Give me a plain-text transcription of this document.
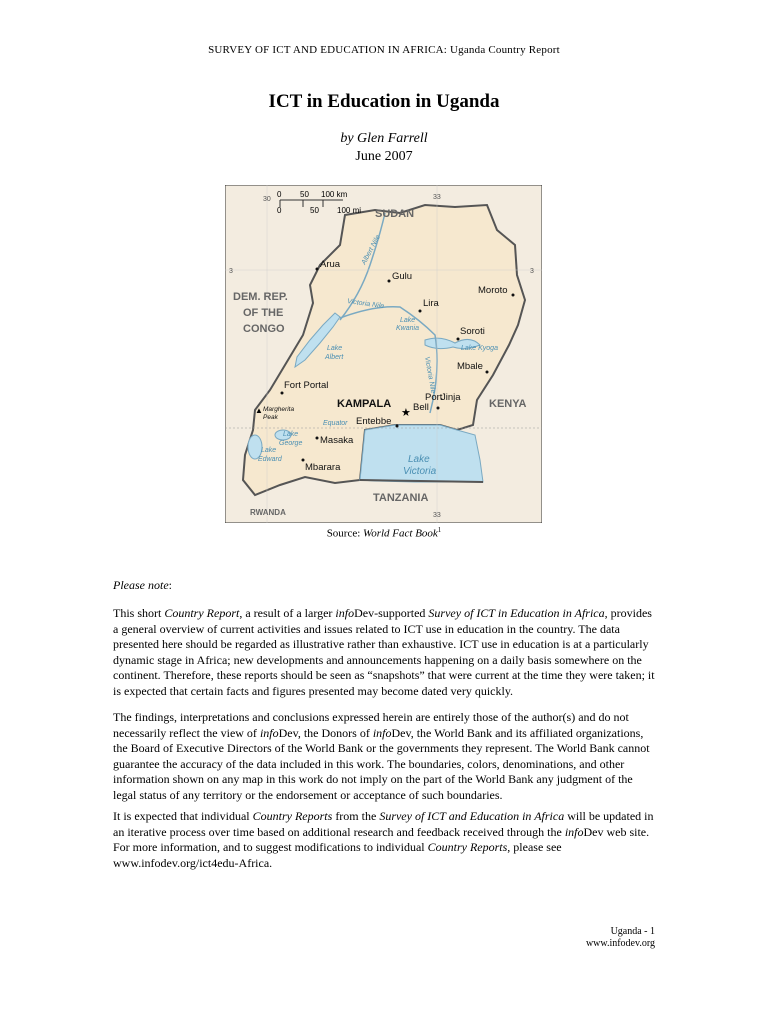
SURVEY OF ICT AND EDUCATION IN AFRICA: Uganda Country Report
ICT in Education in Uganda
by Glen Farrell
June 2007
0 50 100 km
0	50 100 mi
30	33
33
3	3
SUDAN
DEM. REP.
OF THE
CONGO
KENYA
TANZANIA
RWANDA
★
▲
Arua
Gulu
Lira
Moroto
Soroti
Mbale
Fort Portal
KAMPALA
Port
Bell
Jinja
Entebbe
Masaka
Mbarara
Margherita
Peak
Albert Nile
Victoria Nile
Lake
Kwania
Lake Kyoga
Lake
Albert
Equator
Lake
George
Lake
Edward
Victoria Nile
Lake
Victoria
Source: World Fact Book$^1$
Please note:
This short Country Report, a result of a larger infoDev-supported Survey of ICT in Education in Africa, provides a general overview of current activities and issues related to ICT use in education in the country. The data presented here should be regarded as illustrative rather than exhaustive. ICT use in education is at a particularly dynamic stage in Africa; new developments and announcements happening on a daily basis somewhere on the continent. Therefore, these reports should be seen as “snapshots” that were current at the time they were taken; it is expected that certain facts and figures presented may become dated very quickly.
The findings, interpretations and conclusions expressed herein are entirely those of the author(s) and do not necessarily reflect the view of infoDev, the Donors of infoDev, the World Bank and its affiliated organizations, the Board of Executive Directors of the World Bank or the governments they represent. The World Bank cannot guarantee the accuracy of the data included in this work. The boundaries, colors, denominations, and other information shown on any map in this work do not imply on the part of the World Bank any judgment of the legal status of any territory or the endorsement or acceptance of such boundaries.
It is expected that individual Country Reports from the Survey of ICT and Education in Africa will be updated in an iterative process over time based on additional research and feedback received through the infoDev web site. For more information, and to suggest modifications to individual Country Reports, please see www.infodev.org/ict4edu-Africa.
Uganda - 1
www.infodev.org
